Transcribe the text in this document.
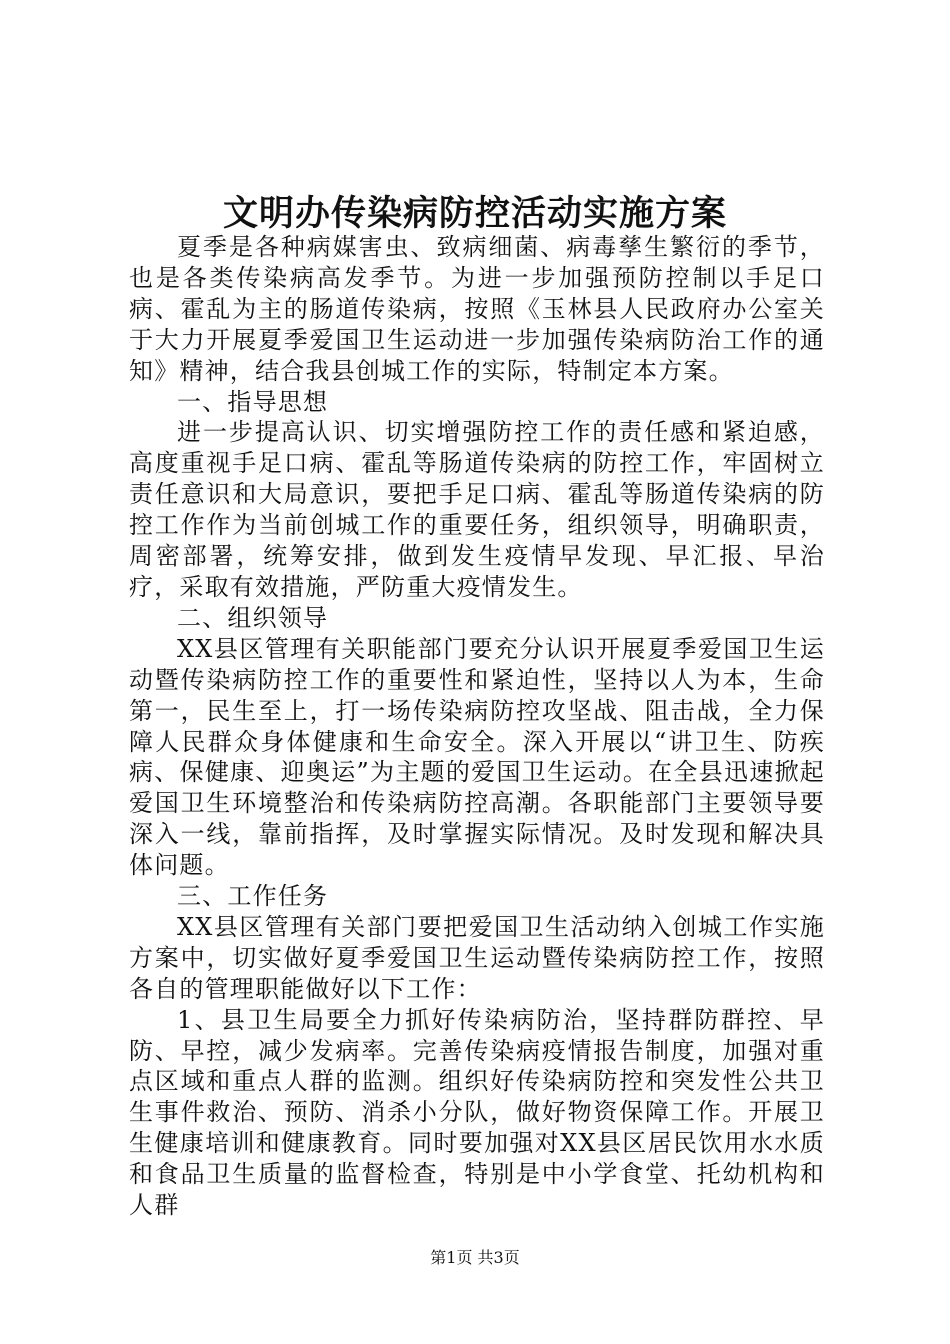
文明办传染病防控活动实施方案

夏季是各种病媒害虫、致病细菌、病毒孳生繁衍的季节，也是各类传染病高发季节。为进一步加强预防控制以手足口病、霍乱为主的肠道传染病，按照《玉林县人民政府办公室关于大力开展夏季爱国卫生运动进一步加强传染病防治工作的通知》精神，结合我县创城工作的实际，特制定本方案。

一、指导思想

进一步提高认识、切实增强防控工作的责任感和紧迫感，高度重视手足口病、霍乱等肠道传染病的防控工作，牢固树立责任意识和大局意识，要把手足口病、霍乱等肠道传染病的防控工作作为当前创城工作的重要任务，组织领导，明确职责，周密部署，统筹安排，做到发生疫情早发现、早汇报、早治疗，采取有效措施，严防重大疫情发生。

二、组织领导

XX县区管理有关职能部门要充分认识开展夏季爱国卫生运动暨传染病防控工作的重要性和紧迫性，坚持以人为本，生命第一，民生至上，打一场传染病防控攻坚战、阻击战，全力保障人民群众身体健康和生命安全。深入开展以“讲卫生、防疾病、保健康、迎奥运”为主题的爱国卫生运动。在全县迅速掀起爱国卫生环境整治和传染病防控高潮。各职能部门主要领导要深入一线，靠前指挥，及时掌握实际情况。及时发现和解决具体问题。

三、工作任务

XX县区管理有关部门要把爱国卫生活动纳入创城工作实施方案中，切实做好夏季爱国卫生运动暨传染病防控工作，按照各自的管理职能做好以下工作：

1、县卫生局要全力抓好传染病防治，坚持群防群控、早防、早控，减少发病率。完善传染病疫情报告制度，加强对重点区域和重点人群的监测。组织好传染病防控和突发性公共卫生事件救治、预防、消杀小分队，做好物资保障工作。开展卫生健康培训和健康教育。同时要加强对XX县区居民饮用水水质和食品卫生质量的监督检查，特别是中小学食堂、托幼机构和人群

第1页 共3页
